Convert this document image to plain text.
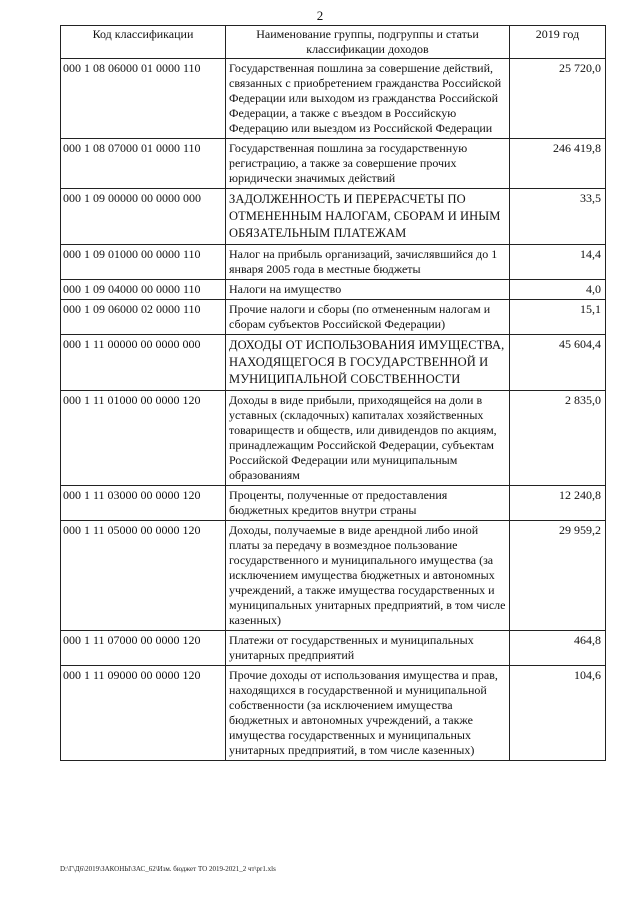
2
Код классификации	Наименование группы, подгруппы и статьи классификации доходов	2019 год
000 1 08 06000 01 0000 110	Государственная пошлина за совершение действий, связанных с приобретением гражданства Российской Федерации или выходом из гражданства Российской Федерации, а также с въездом в Российскую Федерацию или выездом из Российской Федерации	25 720,0
000 1 08 07000 01 0000 110	Государственная пошлина за государственную регистрацию, а также за совершение прочих юридически значимых действий	246 419,8
000 1 09 00000 00 0000 000	ЗАДОЛЖЕННОСТЬ И ПЕРЕРАСЧЕТЫ ПО ОТМЕНЕННЫМ НАЛОГАМ, СБОРАМ И ИНЫМ ОБЯЗАТЕЛЬНЫМ ПЛАТЕЖАМ	33,5
000 1 09 01000 00 0000 110	Налог на прибыль организаций, зачислявшийся до 1 января 2005 года в местные бюджеты	14,4
000 1 09 04000 00 0000 110	Налоги на имущество	4,0
000 1 09 06000 02 0000 110	Прочие налоги и сборы (по отмененным налогам и сборам субъектов Российской Федерации)	15,1
000 1 11 00000 00 0000 000	ДОХОДЫ ОТ ИСПОЛЬЗОВАНИЯ ИМУЩЕСТВА, НАХОДЯЩЕГОСЯ В ГОСУДАРСТВЕННОЙ И МУНИЦИПАЛЬНОЙ СОБСТВЕННОСТИ	45 604,4
000 1 11 01000 00 0000 120	Доходы в виде прибыли, приходящейся на доли в уставных (складочных) капиталах хозяйственных товариществ и обществ, или дивидендов по акциям, принадлежащим Российской Федерации, субъектам Российской Федерации или муниципальным образованиям	2 835,0
000 1 11 03000 00 0000 120	Проценты, полученные от предоставления бюджетных кредитов внутри страны	12 240,8
000 1 11 05000 00 0000 120	Доходы, получаемые в виде арендной либо иной платы за передачу в возмездное пользование государственного и муниципального имущества (за исключением имущества бюджетных и автономных учреждений, а также имущества государственных и муниципальных унитарных предприятий, в том числе казенных)	29 959,2
000 1 11 07000 00 0000 120	Платежи от государственных и муниципальных унитарных предприятий	464,8
000 1 11 09000 00 0000 120	Прочие доходы от использования имущества и прав, находящихся в государственной и муниципальной собственности (за исключением имущества бюджетных и автономных учреждений, а также имущества государственных и муниципальных унитарных предприятий, в том числе казенных)	104,6
D:\Г\Д6\2019\ЗАКОНЫ\ЗАС_62\Изм. бюджет ТО 2019-2021_2 чт\pr1.xls
